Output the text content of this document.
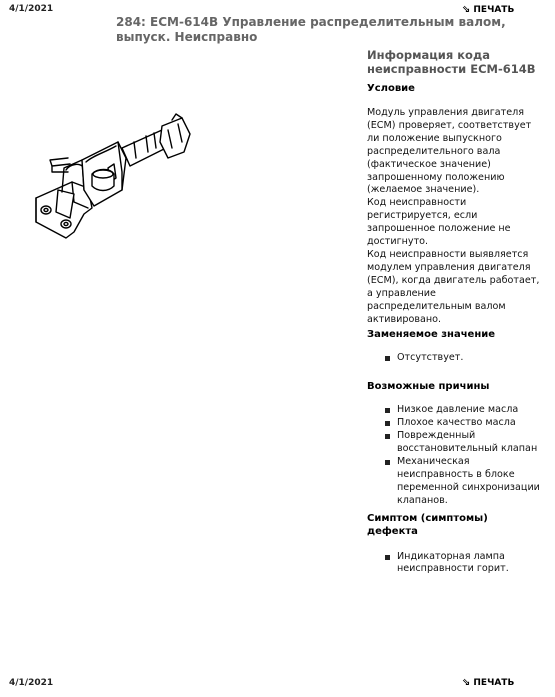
4/1/2021	⇘ ПЕЧАТЬ
284: ECM-614B Управление распределительным валом, выпуск. Неисправно
Информация кода неисправности ECM-614B
Условие

Модуль управления двигателя (ECM) проверяет, соответствует ли положение выпускного распределительного вала (фактическое значение) запрошенному положению (желаемое значение).

Код неисправности регистрируется, если запрошенное положение не достигнуто.

Код неисправности выявляется модулем управления двигателя (ECM), когда двигатель работает, а управление распределительным валом активировано.

Заменяемое значение
Отсутствует.
Возможные причины
Низкое давление масла
Плохое качество масла
Поврежденный восстановительный клапан
Механическая неисправность в блоке переменной синхронизации клапанов.
Симптом (симптомы) дефекта
Индикаторная лампа неисправности горит.
4/1/2021	⇘ ПЕЧАТЬ
